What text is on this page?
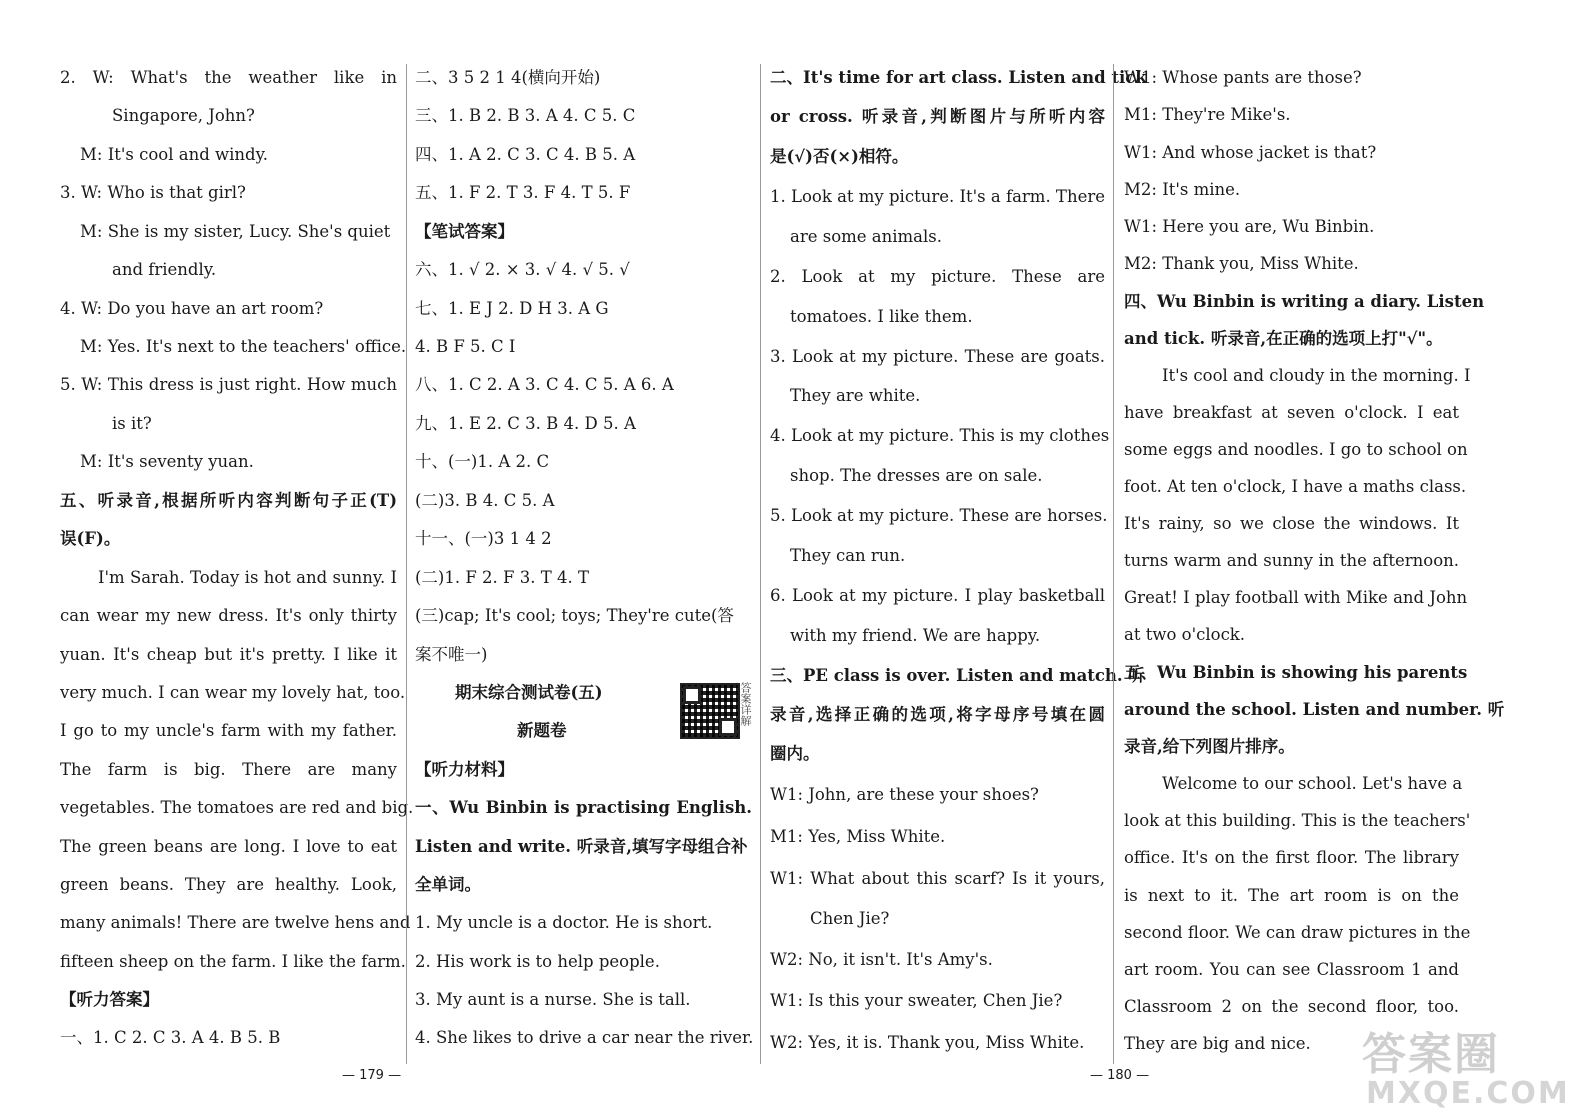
2. W: What's the weather like in
Singapore, John?
M: It's cool and windy.
3. W: Who is that girl?
M: She is my sister, Lucy. She's quiet
and friendly.
4. W: Do you have an art room?
M: Yes. It's next to the teachers' office.
5. W: This dress is just right. How much
is it?
M: It's seventy yuan.
五、听录音,根据所听内容判断句子正(T)
误(F)。
I'm Sarah. Today is hot and sunny. I
can wear my new dress. It's only thirty
yuan. It's cheap but it's pretty. I like it
very much. I can wear my lovely hat, too.
I go to my uncle's farm with my father.
The farm is big. There are many
vegetables. The tomatoes are red and big.
The green beans are long. I love to eat
green beans. They are healthy. Look,
many animals! There are twelve hens and
fifteen sheep on the farm. I like the farm.
【听力答案】
一、1. C 2. C 3. A 4. B 5. B
二、3 5 2 1 4(横向开始)
三、1. B 2. B 3. A 4. C 5. C
四、1. A 2. C 3. C 4. B 5. A
五、1. F 2. T 3. F 4. T 5. F
【笔试答案】
六、1. √ 2. × 3. √ 4. √ 5. √
七、1. E J 2. D H 3. A G
4. B F 5. C I
八、1. C 2. A 3. C 4. C 5. A 6. A
九、1. E 2. C 3. B 4. D 5. A
十、(一)1. A 2. C
(二)3. B 4. C 5. A
十一、(一)3 1 4 2
(二)1. F 2. F 3. T 4. T
(三)cap; It's cool; toys; They're cute(答
案不唯一)
期末综合测试卷(五)
新题卷
【听力材料】
一、Wu Binbin is practising English.
Listen and write. 听录音,填写字母组合补
全单词。
1. My uncle is a doctor. He is short.
2. His work is to help people.
3. My aunt is a nurse. She is tall.
4. She likes to drive a car near the river.
答案详解
二、It's time for art class. Listen and tick
or cross. 听录音,判断图片与所听内容
是(√)否(×)相符。
1. Look at my picture. It's a farm. There
are some animals.
2. Look at my picture. These are
tomatoes. I like them.
3. Look at my picture. These are goats.
They are white.
4. Look at my picture. This is my clothes
shop. The dresses are on sale.
5. Look at my picture. These are horses.
They can run.
6. Look at my picture. I play basketball
with my friend. We are happy.
三、PE class is over. Listen and match. 听
录音,选择正确的选项,将字母序号填在圆
圈内。
W1: John, are these your shoes?
M1: Yes, Miss White.
W1: What about this scarf? Is it yours,
Chen Jie?
W2: No, it isn't. It's Amy's.
W1: Is this your sweater, Chen Jie?
W2: Yes, it is. Thank you, Miss White.
W1: Whose pants are those?
M1: They're Mike's.
W1: And whose jacket is that?
M2: It's mine.
W1: Here you are, Wu Binbin.
M2: Thank you, Miss White.
四、Wu Binbin is writing a diary. Listen
and tick. 听录音,在正确的选项上打"√"。
It's cool and cloudy in the morning. I
have breakfast at seven o'clock. I eat
some eggs and noodles. I go to school on
foot. At ten o'clock, I have a maths class.
It's rainy, so we close the windows. It
turns warm and sunny in the afternoon.
Great! I play football with Mike and John
at two o'clock.
五、Wu Binbin is showing his parents
around the school. Listen and number. 听
录音,给下列图片排序。
Welcome to our school. Let's have a
look at this building. This is the teachers'
office. It's on the first floor. The library
is next to it. The art room is on the
second floor. We can draw pictures in the
art room. You can see Classroom 1 and
Classroom 2 on the second floor, too.
They are big and nice.
— 179 —	— 180 —	答案圈
MXQE.COM
